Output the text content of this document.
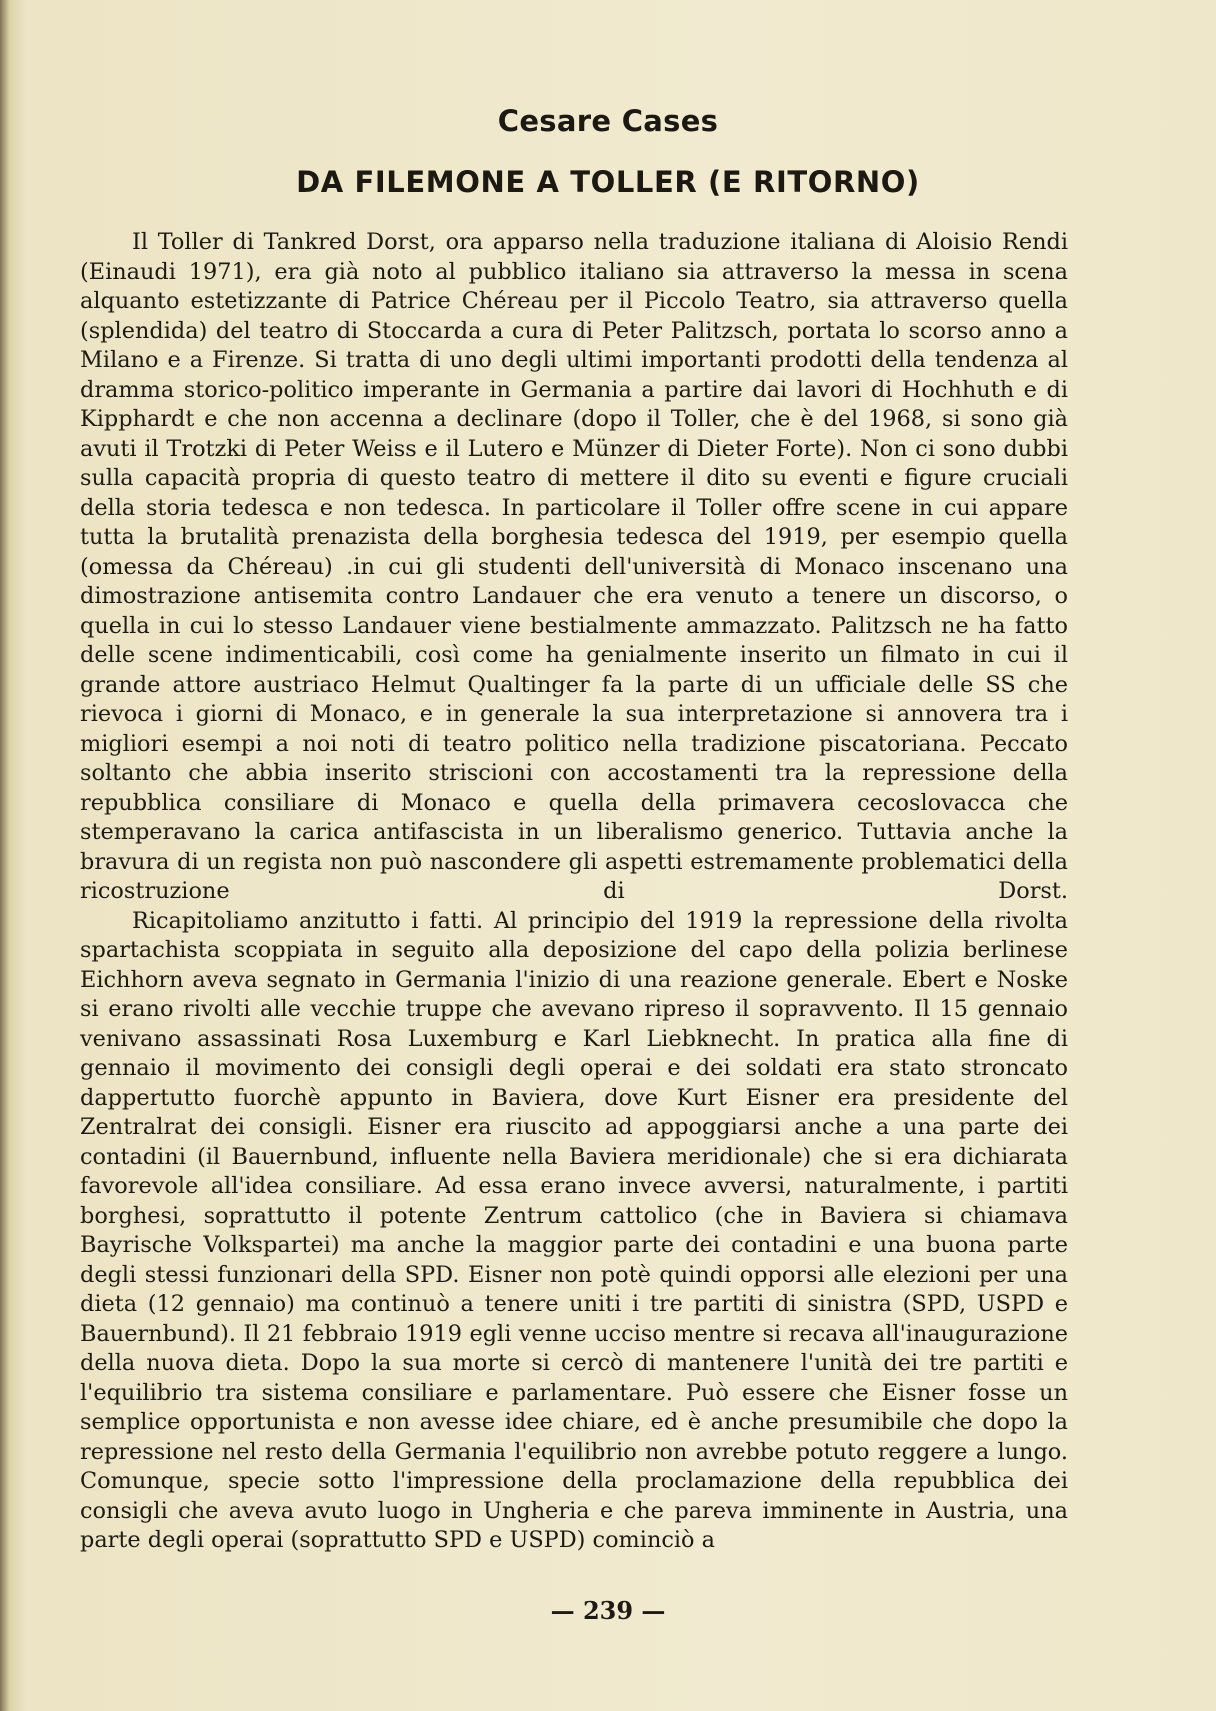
Cesare Cases
DA FILEMONE A TOLLER (E RITORNO)

Il Toller di Tankred Dorst, ora apparso nella traduzione italiana di Aloisio Rendi (Einaudi 1971), era già noto al pubblico italiano sia attraverso la messa in scena alquanto estetizzante di Patrice Chéreau per il Piccolo Teatro, sia attraverso quella (splendida) del teatro di Stoccarda a cura di Peter Palitzsch, portata lo scorso anno a Milano e a Firenze. Si tratta di uno degli ultimi importanti prodotti della tendenza al dramma storico-politico imperante in Germania a partire dai lavori di Hochhuth e di Kipphardt e che non accenna a declinare (dopo il Toller, che è del 1968, si sono già avuti il Trotzki di Peter Weiss e il Lutero e Münzer di Dieter Forte). Non ci sono dubbi sulla capacità propria di questo teatro di mettere il dito su eventi e figure cruciali della storia tedesca e non tedesca. In particolare il Toller offre scene in cui appare tutta la brutalità prenazista della borghesia tedesca del 1919, per esempio quella (omessa da Chéreau) .in cui gli studenti dell'università di Monaco inscenano una dimostrazione antisemita contro Landauer che era venuto a tenere un discorso, o quella in cui lo stesso Landauer viene bestialmente ammazzato. Palitzsch ne ha fatto delle scene indimenticabili, così come ha genialmente inserito un filmato in cui il grande attore austriaco Helmut Qualtinger fa la parte di un ufficiale delle SS che rievoca i giorni di Monaco, e in generale la sua interpretazione si annovera tra i migliori esempi a noi noti di teatro politico nella tradizione piscatoriana. Peccato soltanto che abbia inserito striscioni con accostamenti tra la repressione della repubblica consiliare di Monaco e quella della primavera cecoslovacca che stemperavano la carica antifascista in un liberalismo generico. Tuttavia anche la bravura di un regista non può nascondere gli aspetti estremamente problematici della ricostruzione di Dorst.

Ricapitoliamo anzitutto i fatti. Al principio del 1919 la repressione della rivolta spartachista scoppiata in seguito alla deposizione del capo della polizia berlinese Eichhorn aveva segnato in Germania l'inizio di una reazione generale. Ebert e Noske si erano rivolti alle vecchie truppe che avevano ripreso il sopravvento. Il 15 gennaio venivano assassinati Rosa Luxemburg e Karl Liebknecht. In pratica alla fine di gennaio il movimento dei consigli degli operai e dei soldati era stato stroncato dappertutto fuorchè appunto in Baviera, dove Kurt Eisner era presidente del Zentralrat dei consigli. Eisner era riuscito ad appoggiarsi anche a una parte dei contadini (il Bauernbund, influente nella Baviera meridionale) che si era dichiarata favorevole all'idea consiliare. Ad essa erano invece avversi, naturalmente, i partiti borghesi, soprattutto il potente Zentrum cattolico (che in Baviera si chiamava Bayrische Volkspartei) ma anche la maggior parte dei contadini e una buona parte degli stessi funzionari della SPD. Eisner non potè quindi opporsi alle elezioni per una dieta (12 gennaio) ma continuò a tenere uniti i tre partiti di sinistra (SPD, USPD e Bauernbund). Il 21 febbraio 1919 egli venne ucciso mentre si recava all'inaugurazione della nuova dieta. Dopo la sua morte si cercò di mantenere l'unità dei tre partiti e l'equilibrio tra sistema consiliare e parlamentare. Può essere che Eisner fosse un semplice opportunista e non avesse idee chiare, ed è anche presumibile che dopo la repressione nel resto della Germania l'equilibrio non avrebbe potuto reggere a lungo. Comunque, specie sotto l'impressione della proclamazione della repubblica dei consigli che aveva avuto luogo in Ungheria e che pareva imminente in Austria, una parte degli operai (soprattutto SPD e USPD) cominciò a

— 239 —
